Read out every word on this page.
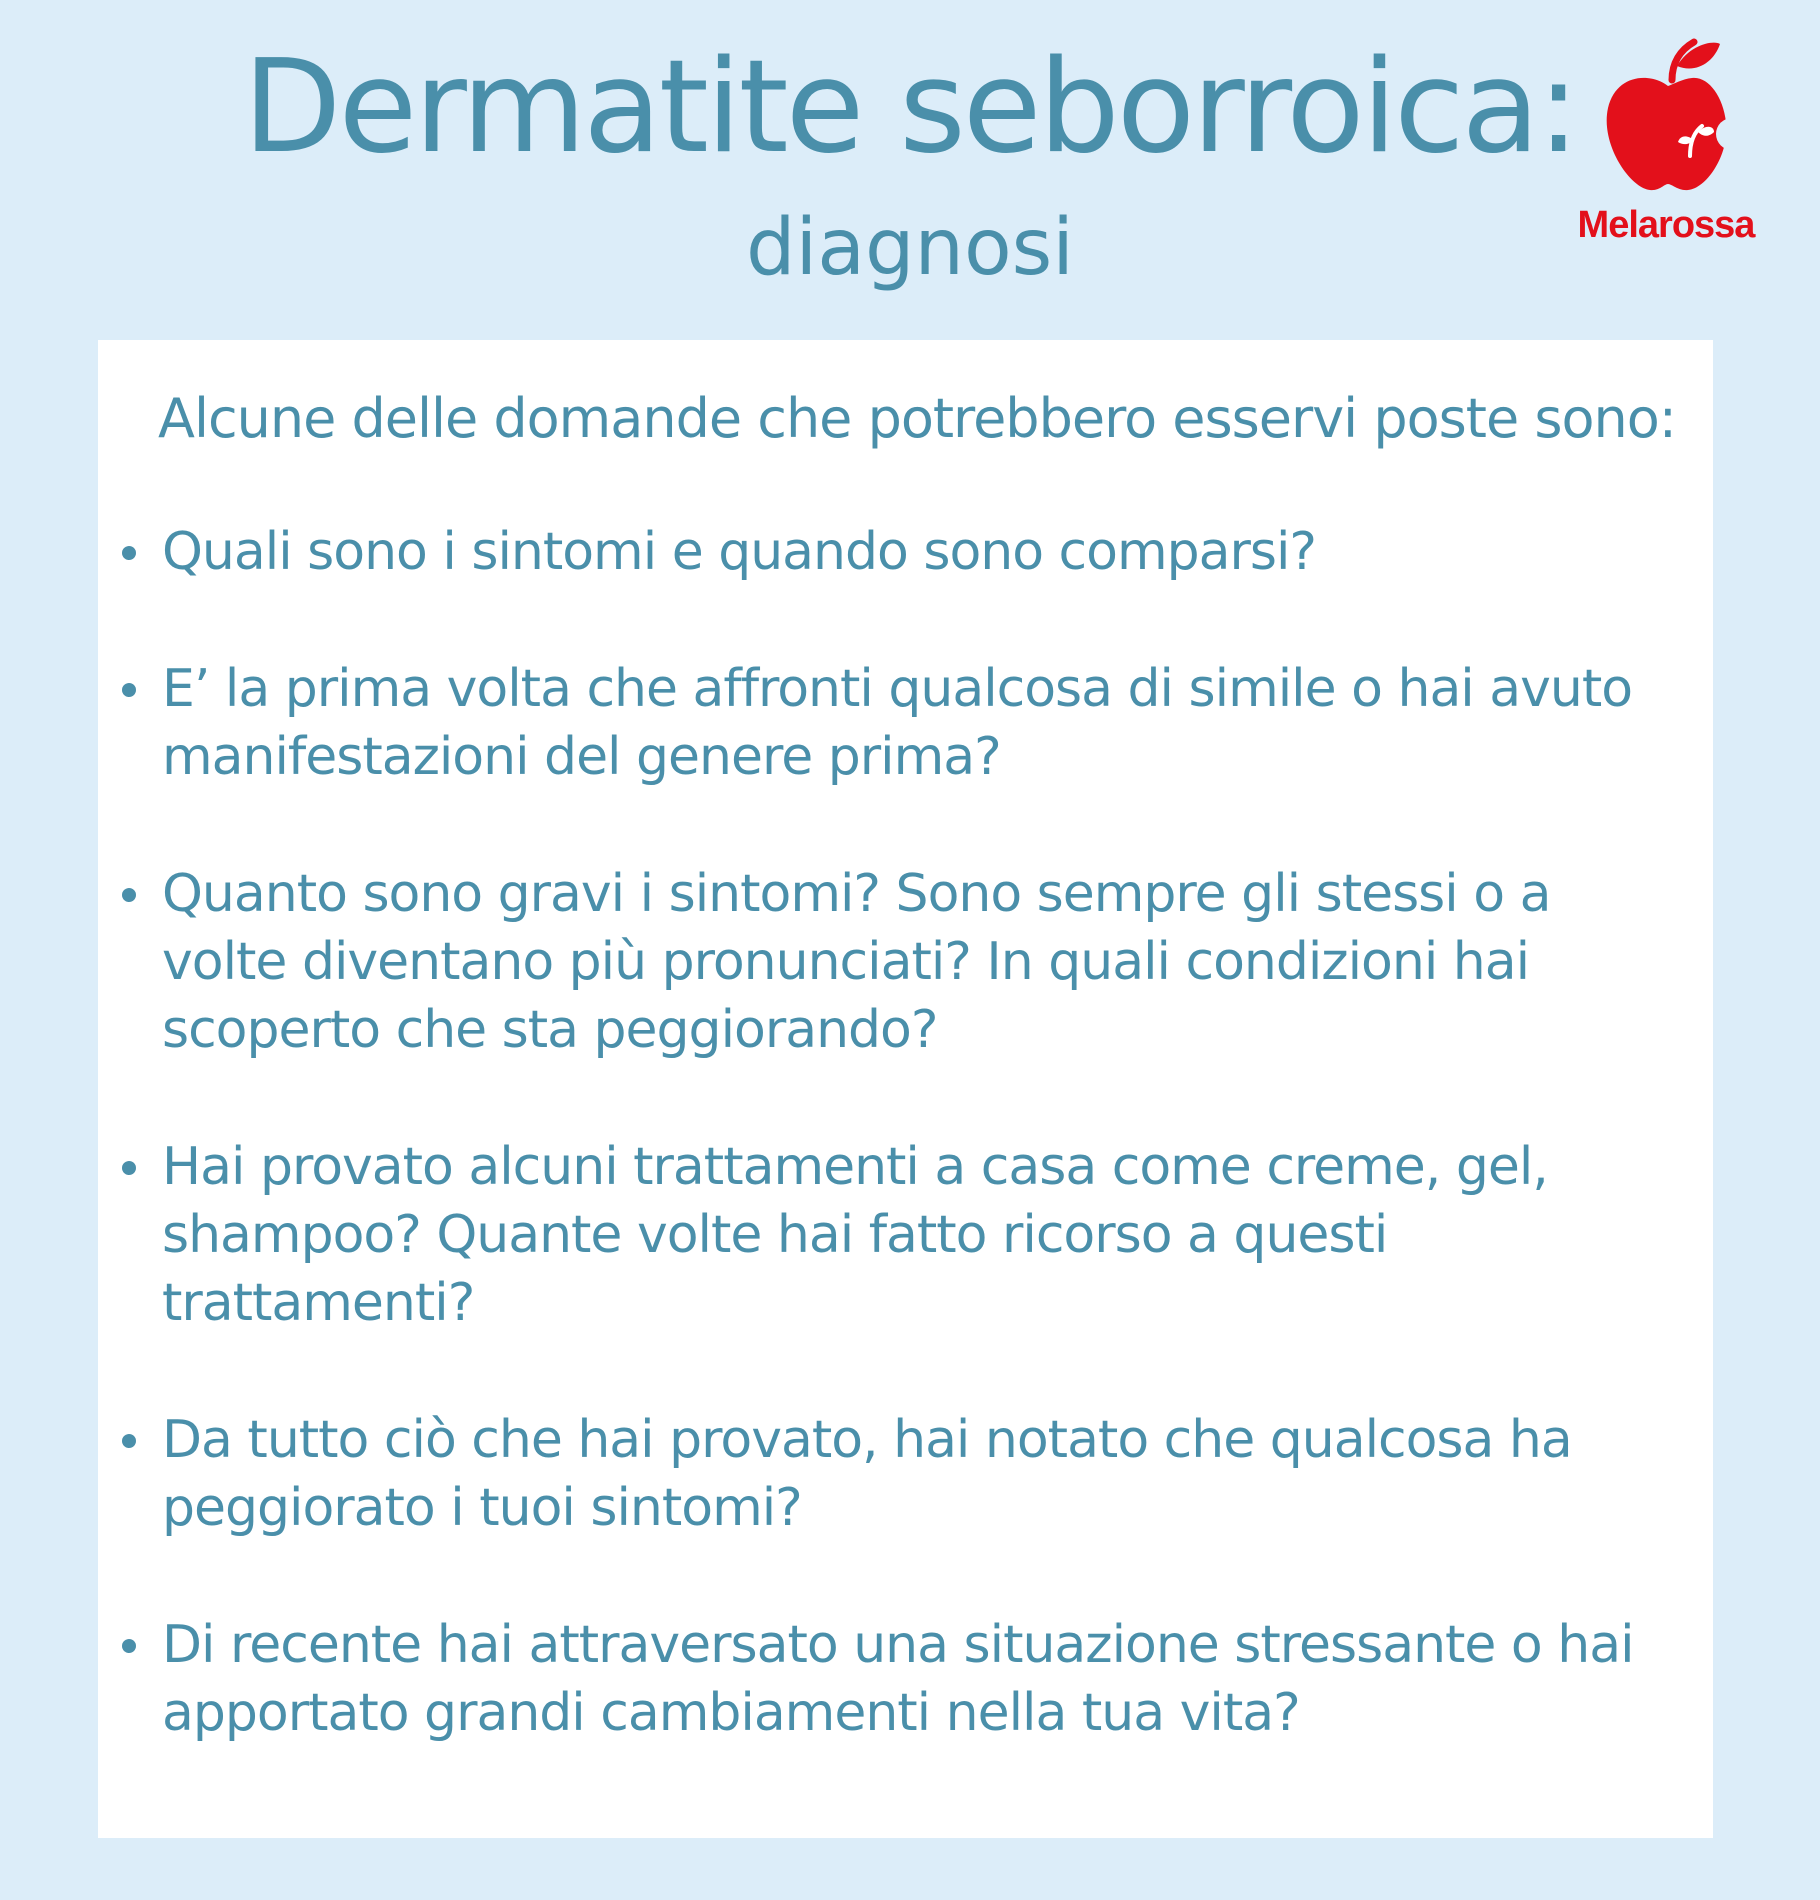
Dermatite seborroica:
diagnosi	Melarossa
Alcune delle domande che potrebbero esservi poste sono:
Quali sono i sintomi e quando sono comparsi?
E’ la prima volta che affronti qualcosa di simile o hai avuto manifestazioni del genere prima?
Quanto sono gravi i sintomi? Sono sempre gli stessi o a volte diventano più pronunciati? In quali condizioni hai scoperto che sta peggiorando?
Hai provato alcuni trattamenti a casa come creme, gel, shampoo? Quante volte hai fatto ricorso a questi trattamenti?
Da tutto ciò che hai provato, hai notato che qualcosa ha peggiorato i tuoi sintomi?
Di recente hai attraversato una situazione stressante o hai apportato grandi cambiamenti nella tua vita?
